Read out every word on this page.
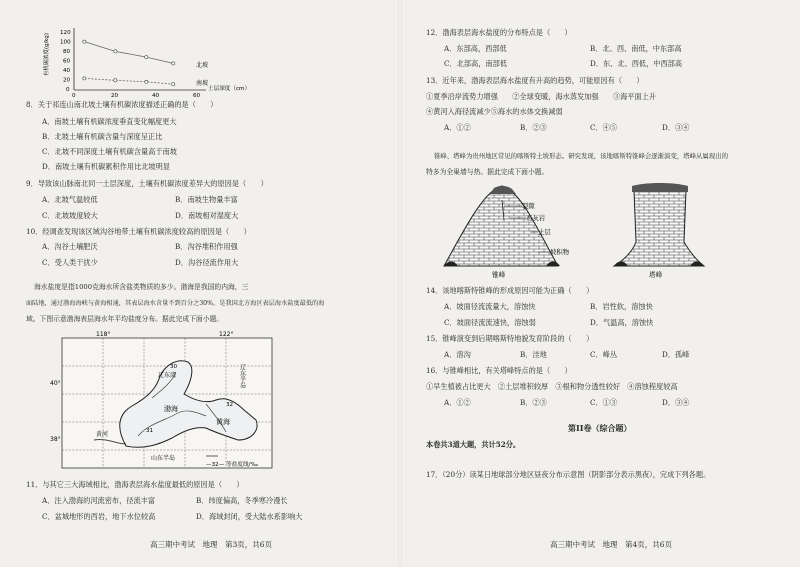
有机碳浓度(g/kg)
土层深度（cm）
北坡
南坡
120
100
80
60
40
20
0
0	20	40	60
8．关于祁连山南北坡土壤有机碳浓度描述正确的是（　　）
A．南坡土壤有机碳浓度垂直变化幅度更大
B．北坡土壤有机碳含量与深度呈正比
C．北坡不同深度土壤有机碳含量高于南坡
D．南坡土壤有机碳累积作用比北坡明显
9．导致该山脉南北同一土层深度，土壤有机碳浓度差异大的原因是（　　）
A．北坡气温较低	B．南坡生物量丰富
C．北坡坡度较大	D．南坡相对湿度大
10．经调查发现该区域沟谷地带土壤有机碳浓度较高的原因是（　　）
A．沟谷土壤肥沃	B．沟谷堆积作用强
C．受人类干扰少	D．沟谷径流作用大
海水盐度是指1000克海水所含盐类物质的多少。渤海是我国的内海，三
面陆地，通过渤海海峡与黄海相通，其表层海水含量不到百分之30%，是我国北方海区表层海水盐度最低的海
域。下图示意渤海表层海水年平均盐度分布。据此完成下面小题。
118°	122°
40°
38°
辽东湾	辽东半岛
渤海
黄海
黄河
山东半岛
30
31
32
—32— 等盐度线/‰
11．与其它三大海域相比，渤海表层海水盐度最低的原因是（　　）
A．注入渤海的河流密布，径流丰富	B．纬度偏高，冬季寒冷漫长
C．盆城地形的西岩，地下水位较高	D．海域封闭，受大陆水系影响大
高三期中考试　地理　第3页，共6页
12．渤海表层海水盐度的分布特点是（　　）
A．东部高，西部低	B．北、西、南低，中东部高
C．北部高，南部低	D．东、北、西低，中西部高
13．近年来，渤海表层海水盐度有升高的趋势，可能原因有（　　）
①夏季沿岸流势力增强　　②全球变暖，海水蒸发加强　　③海平面上升
④黄河入海径流减少⑤海水的水体交换减弱
A．①②	B．②③	C．④⑤	D．③④
锥峰、塔峰为贵州地区常见的喀斯特土坡形态。研究发现，该地喀斯特锥峰会逐渐演变，塔峰从属现出的
特多为全巢墙与热。据此完成下面小题。
裂隙
石灰岩
土层
坡积物
锥峰	塔峰
14．该地喀斯特锥峰的形成原因可能为正确（　　）
A．坡面径流流量大，溶蚀快	B．岩性软，溶蚀快
C．坡面径流流速快，溶蚀弱	D．气温高，溶蚀快
15．锥峰演变到后期喀斯特地貌发育阶段的（　　）
A．溶沟	B．洼地	C．峰丛	D．孤峰
16．与锥峰相比，有关塔峰特点的是（　　）
①早生植被占比更大　②土层堆积较厚　③根和物分透性较好　④溶蚀程度较高
A．①②	B．②③	C．①③	D．③④
第II卷（综合题）
本卷共3道大题，共计52分。
17．（20分）读某日地球部分地区昼夜分布示意图（阴影部分表示黑夜），完成下列各题。
高三期中考试　地理　第4页，共6页
